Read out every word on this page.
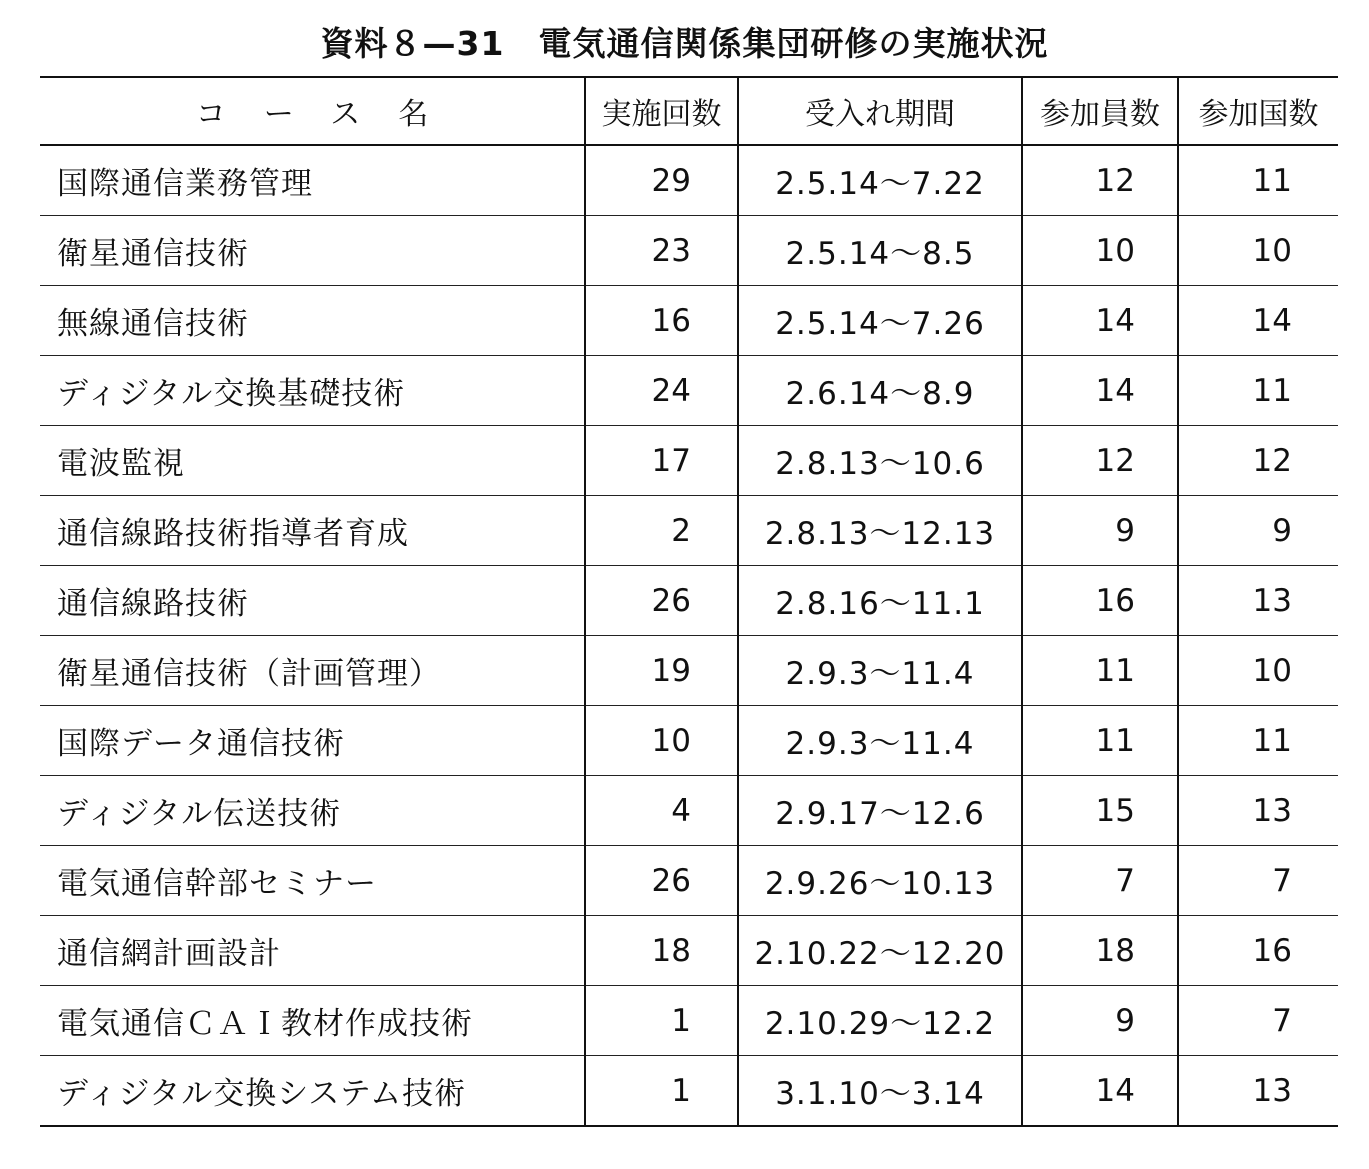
資料８—31　電気通信関係集団研修の実施状況
コース名	実施回数	受入れ期間	参加員数	参加国数
国際通信業務管理	29	2.5.14～7.22	12	11
衛星通信技術	23	2.5.14～8.5	10	10
無線通信技術	16	2.5.14～7.26	14	14
ディジタル交換基礎技術	24	2.6.14～8.9	14	11
電波監視	17	2.8.13～10.6	12	12
通信線路技術指導者育成	2	2.8.13～12.13	9	9
通信線路技術	26	2.8.16～11.1	16	13
衛星通信技術（計画管理）	19	2.9.3～11.4	11	10
国際データ通信技術	10	2.9.3～11.4	11	11
ディジタル伝送技術	4	2.9.17～12.6	15	13
電気通信幹部セミナー	26	2.9.26～10.13	7	7
通信網計画設計	18	2.10.22～12.20	18	16
電気通信ＣＡＩ教材作成技術	1	2.10.29～12.2	9	7
ディジタル交換システム技術	1	3.1.10～3.14	14	13
